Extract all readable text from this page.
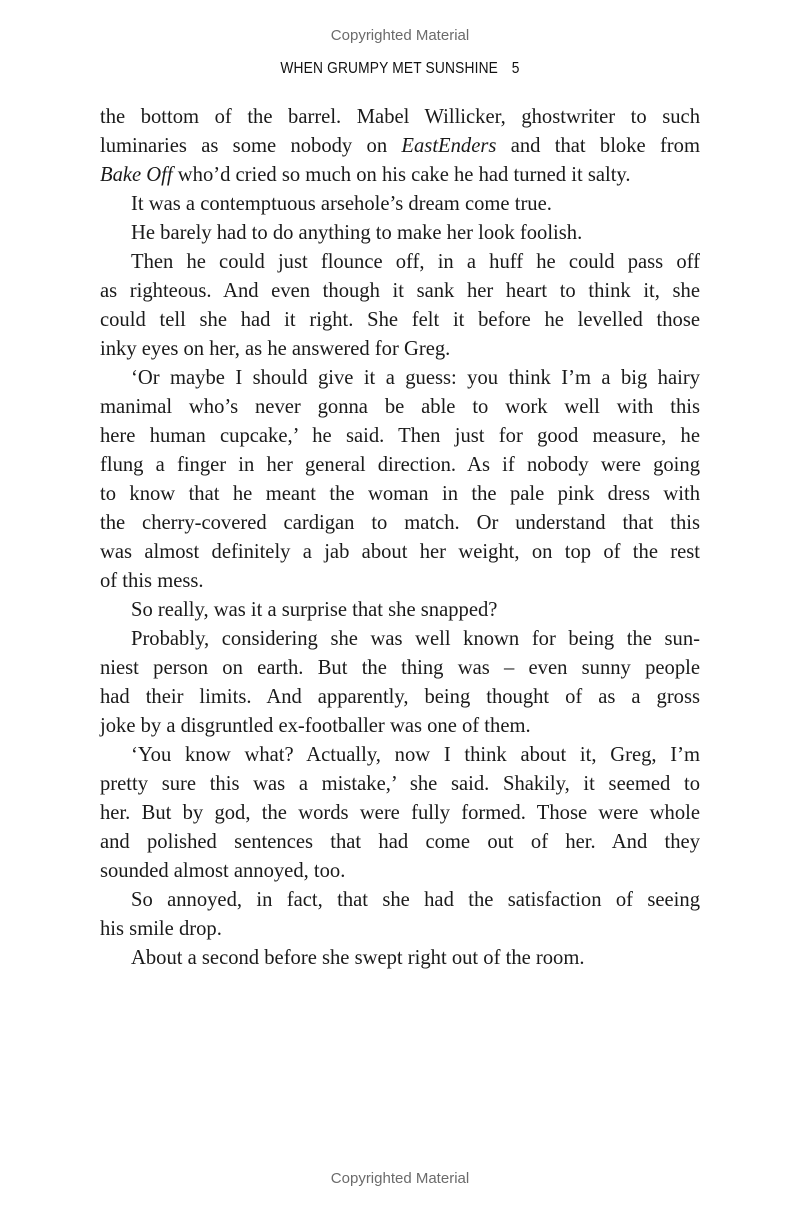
Copyrighted Material
WHEN GRUMPY MET SUNSHINE 5
the bottom of the barrel. Mabel Willicker, ghostwriter to such
luminaries as some nobody on EastEnders and that bloke from
Bake Off who’d cried so much on his cake he had turned it salty.
It was a contemptuous arsehole’s dream come true.
He barely had to do anything to make her look foolish.
Then he could just flounce off, in a huff he could pass off
as righteous. And even though it sank her heart to think it, she
could tell she had it right. She felt it before he levelled those
inky eyes on her, as he answered for Greg.
‘Or maybe I should give it a guess: you think I’m a big hairy
manimal who’s never gonna be able to work well with this
here human cupcake,’ he said. Then just for good measure, he
flung a finger in her general direction. As if nobody were going
to know that he meant the woman in the pale pink dress with
the cherry-covered cardigan to match. Or understand that this
was almost definitely a jab about her weight, on top of the rest
of this mess.
So really, was it a surprise that she snapped?
Probably, considering she was well known for being the sun-
niest person on earth. But the thing was – even sunny people
had their limits. And apparently, being thought of as a gross
joke by a disgruntled ex-footballer was one of them.
‘You know what? Actually, now I think about it, Greg, I’m
pretty sure this was a mistake,’ she said. Shakily, it seemed to
her. But by god, the words were fully formed. Those were whole
and polished sentences that had come out of her. And they
sounded almost annoyed, too.
So annoyed, in fact, that she had the satisfaction of seeing
his smile drop.
About a second before she swept right out of the room.
Copyrighted Material
